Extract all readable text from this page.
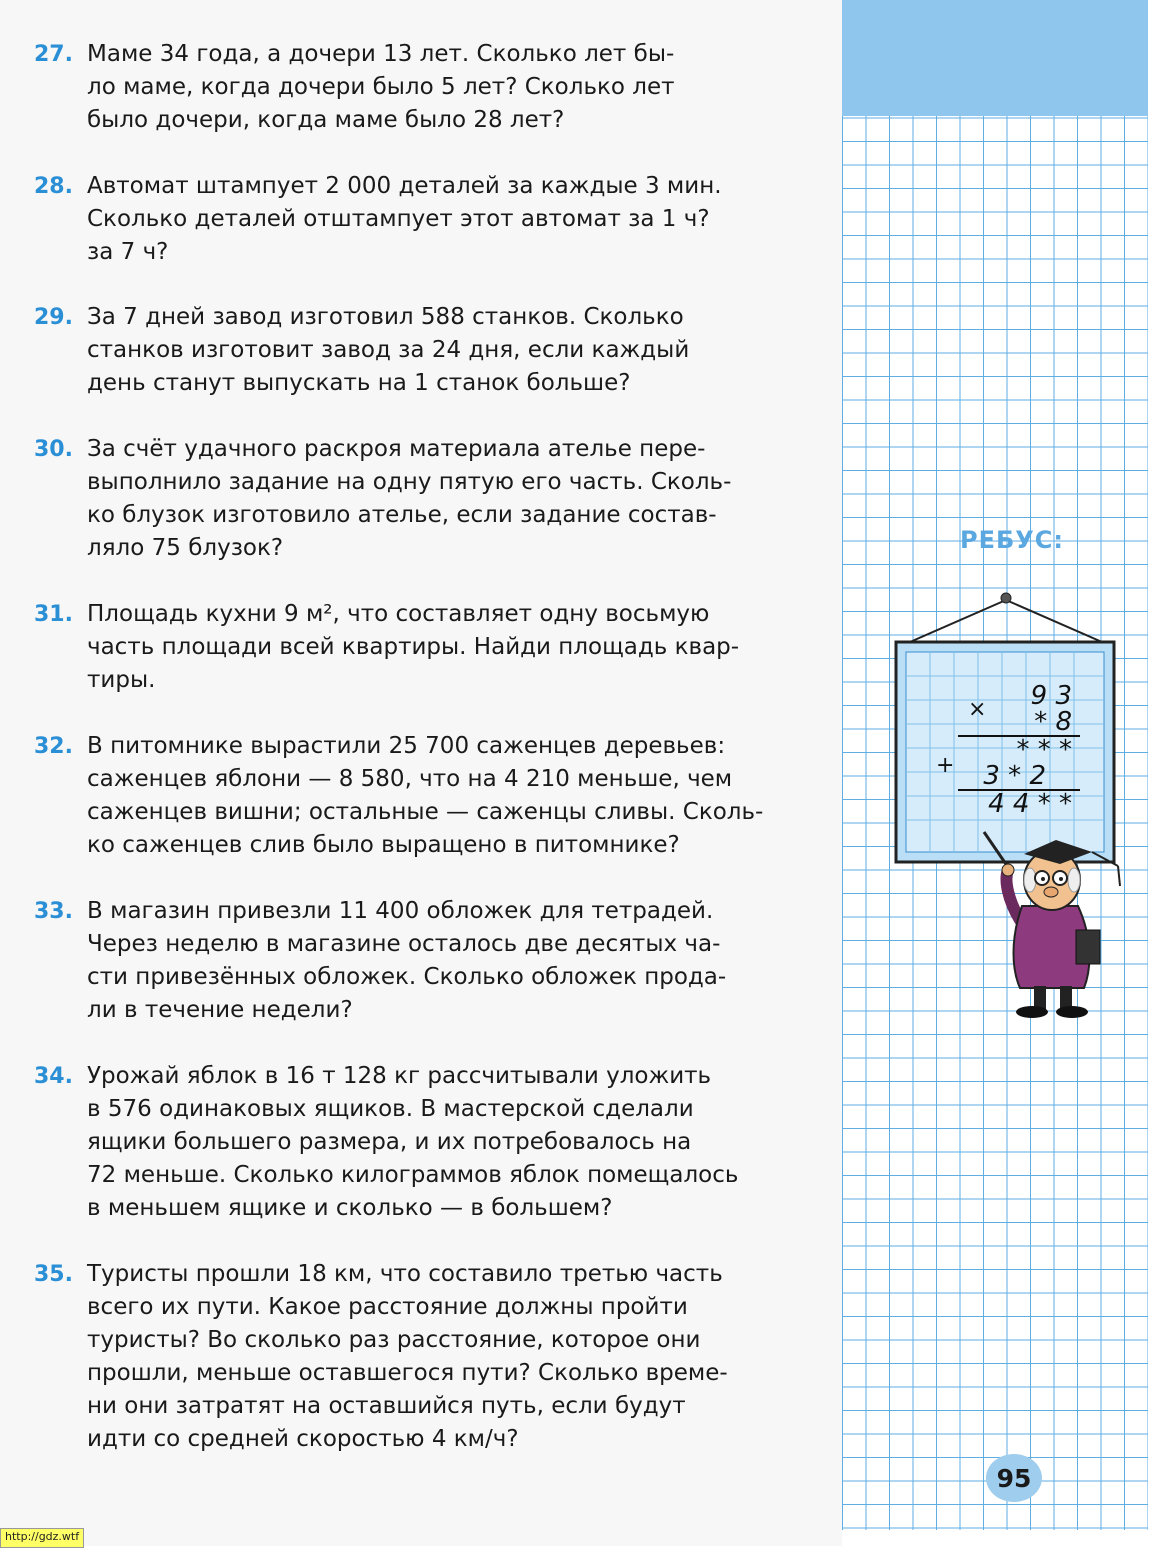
27. Маме 34 года, а дочери 13 лет. Сколько лет бы-
ло маме, когда дочери было 5 лет? Сколько лет
было дочери, когда маме было 28 лет?
28. Автомат штампует 2 000 деталей за каждые 3 мин.
Сколько деталей отштампует этот автомат за 1 ч?
за 7 ч?
29. За 7 дней завод изготовил 588 станков. Сколько
станков изготовит завод за 24 дня, если каждый
день станут выпускать на 1 станок больше?
30. За счёт удачного раскроя материала ателье пере-
выполнило задание на одну пятую его часть. Сколь-
ко блузок изготовило ателье, если задание состав-
ляло 75 блузок?
31. Площадь кухни 9 м², что составляет одну восьмую
часть площади всей квартиры. Найди площадь квар-
тиры.
32. В питомнике вырастили 25 700 саженцев деревьев:
саженцев яблони — 8 580, что на 4 210 меньше, чем
саженцев вишни; остальные — саженцы сливы. Сколь-
ко саженцев слив было выращено в питомнике?
33. В магазин привезли 11 400 обложек для тетрадей.
Через неделю в магазине осталось две десятых ча-
сти привезённых обложек. Сколько обложек прода-
ли в течение недели?
34. Урожай яблок в 16 т 128 кг рассчитывали уложить
в 576 одинаковых ящиков. В мастерской сделали
ящики большего размера, и их потребовалось на
72 меньше. Сколько килограммов яблок помещалось
в меньшем ящике и сколько — в большем?
35. Туристы прошли 18 км, что составило третью часть
всего их пути. Какое расстояние должны пройти
туристы? Во сколько раз расстояние, которое они
прошли, меньше оставшегося пути? Сколько време-
ни они затратят на оставшийся путь, если будут
идти со средней скоростью 4 км/ч?
РЕБУС:
× 9 3
* 8
* * *
+ 3 * 2
4 4 * *
95
http://gdz.wtf
